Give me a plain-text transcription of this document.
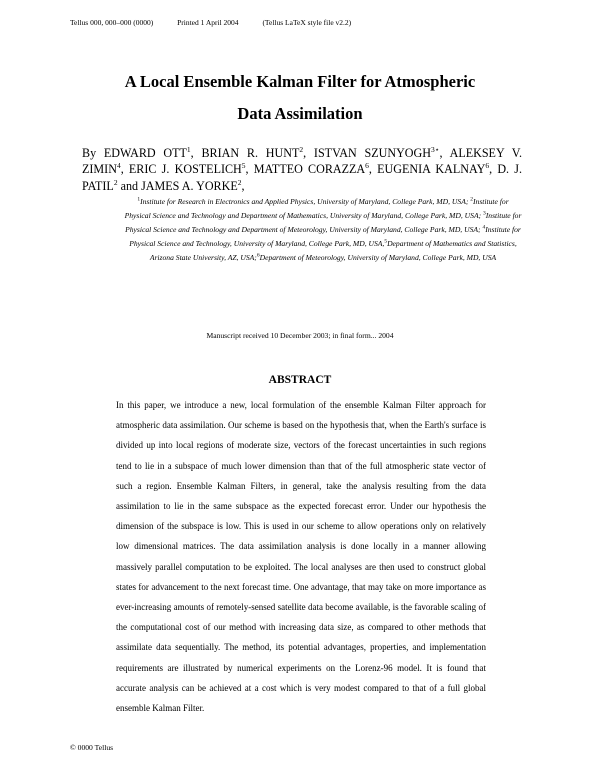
Tellus 000, 000–000 (0000)	Printed 1 April 2004	(Tellus LaTeX style file v2.2)
A Local Ensemble Kalman Filter for Atmospheric
Data Assimilation
By EDWARD OTT$^1$, BRIAN R. HUNT$^2$, ISTVAN $SZUNYOGH^{3⋆}$, ALEKSEY V. ZIMIN$^4$, ERIC J. KOSTELICH$^5$, MATTEO CORAZZA$^6$, EUGENIA KALNAY$^6$, D. J. PATIL$^2$ and JAMES A. YORKE$^2$,
$^1$Institute for Research in Electronics and Applied Physics, University of Maryland, College Park, MD, USA; $^2$Institute for Physical Science and Technology and Department of Mathematics, University of Maryland, College Park, MD, USA; $^3$Institute for Physical Science and Technology and Department of Meteorology, University of Maryland, College Park, MD, USA; $^4$Institute for Physical Science and Technology, University of Maryland, College Park, MD, USA,$^5$Department of Mathematics and Statistics, Arizona State University, AZ, USA;$^6$Department of Meteorology, University of Maryland, College Park, MD, USA
Manuscript received 10 December 2003; in final form... 2004
ABSTRACT
In this paper, we introduce a new, local formulation of the ensemble Kalman Filter approach for atmospheric data assimilation. Our scheme is based on the hypothesis that, when the Earth's surface is divided up into local regions of moderate size, vectors of the forecast uncertainties in such regions tend to lie in a subspace of much lower dimension than that of the full atmospheric state vector of such a region. Ensemble Kalman Filters, in general, take the analysis resulting from the data assimilation to lie in the same subspace as the expected forecast error. Under our hypothesis the dimension of the subspace is low. This is used in our scheme to allow operations only on relatively low dimensional matrices. The data assimilation analysis is done locally in a manner allowing massively parallel computation to be exploited. The local analyses are then used to construct global states for advancement to the next forecast time. One advantage, that may take on more importance as ever-increasing amounts of remotely-sensed satellite data become available, is the favorable scaling of the computational cost of our method with increasing data size, as compared to other methods that assimilate data sequentially. The method, its potential advantages, properties, and implementation requirements are illustrated by numerical experiments on the Lorenz-96 model. It is found that accurate analysis can be achieved at a cost which is very modest compared to that of a full global ensemble Kalman Filter.
© 0000 Tellus
